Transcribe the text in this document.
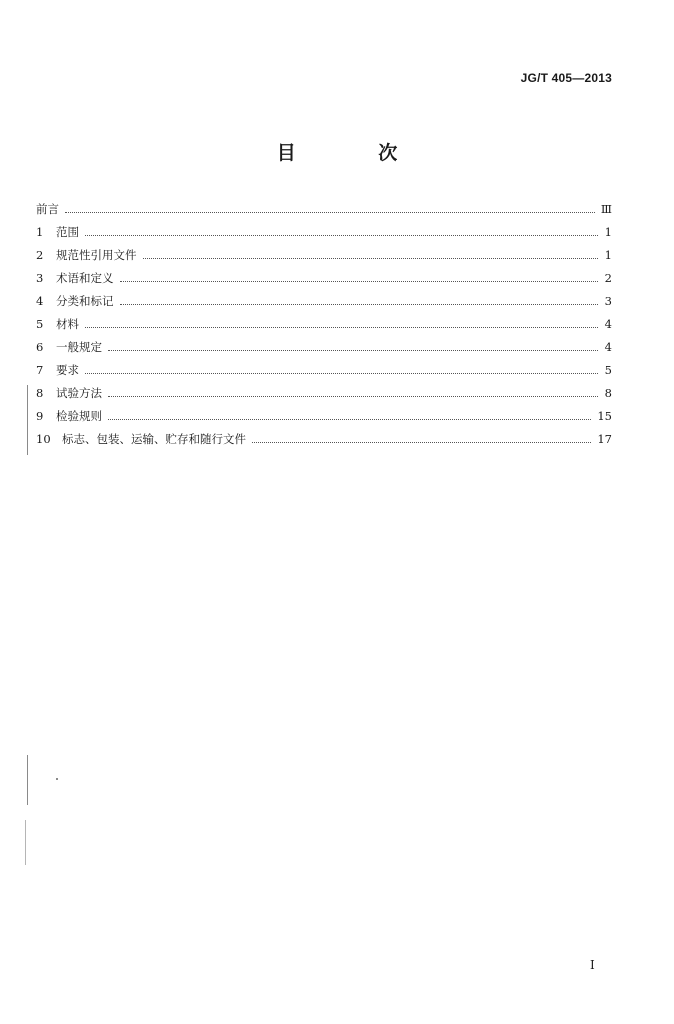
JG/T 405—2013
目 次
前言	Ⅲ
1	范围	1
2	规范性引用文件	1
3	术语和定义	2
4	分类和标记	3
5	材料	4
6	一般规定	4
7	要求	5
8	试验方法	8
9	检验规则	15
10 标志、包装、运输、贮存和随行文件	17
I
